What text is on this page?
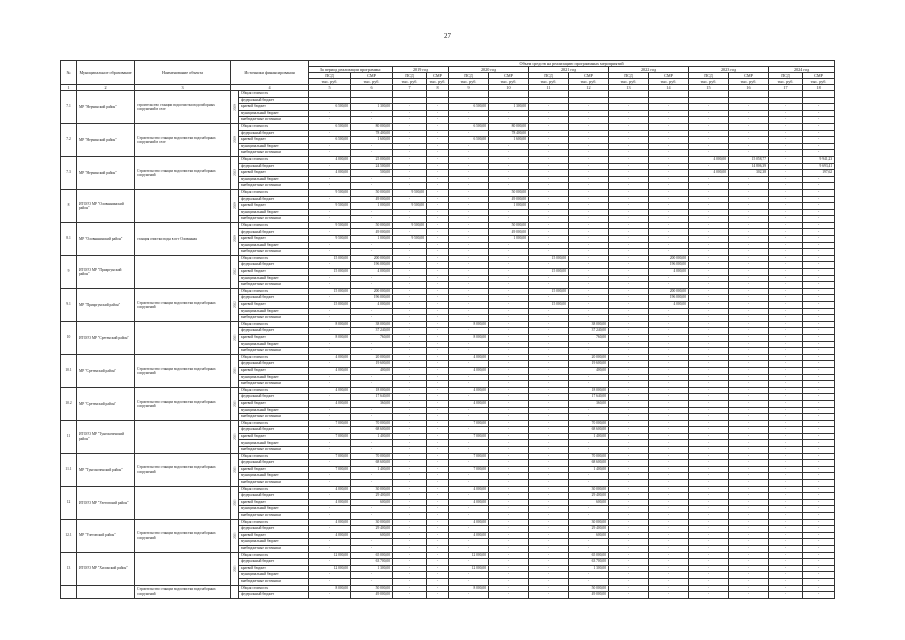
27
№	Муниципальное образование	Наименование объекта	Источники финансирования		Объем средств на реализацию программных мероприятий													
					За период реализации программы:		2019 год		2020 год		2021 год		2022 год		2023 год		2024 год	
					ПСД	СМР	ПСД	СМР	ПСД	СМР	ПСД	СМР	ПСД	СМР	ПСД	СМР	ПСД	СМР
					тыс. руб.	тыс. руб.	тыс. руб.	тыс. руб.	тыс. руб.	тыс. руб.	тыс. руб.	тыс. руб.	тыс. руб.	тыс. руб.	тыс. руб.	тыс. руб.	тыс. руб.	тыс. руб.
1	2	3	4		5	6	7	8	9	10	11	12	13	14	15	16	17	18
7.1	МР "Нерчинский район"	строительство станции водоочистки водозаборных сооружений в селе	2020	Общая стоимость														
				федеральный бюджет														
				краевой бюджет	6 500,00	1 300,00	-	-	6 500,00	1 300,00	-	-	-	-	-	-	-	-
				муниципальный бюджет	-	-	-	-	-	-	-	-	-	-	-	-	-	-
				внебюджетные источники	-	-	-	-	-	-	-	-	-	-	-	-	-	-
7.2	МР "Нерчинский район"	Строительство станции водоочистки водозаборных сооружений в селе	2020	Общая стоимость	6 500,00	80 000,00	-	-	6 500,00	80 000,00	-	-	-	-	-	-	-	-
				федеральный бюджет	-	78 400,00	-	-	-	78 400,00	-	-	-	-	-	-	-	-
				краевой бюджет	6 500,00	1 600,00	-	-	6 500,00	1 600,00	-	-	-	-	-	-	-	-
				муниципальный бюджет	-	-	-	-	-	-	-	-	-	-	-	-	-	-
				внебюджетные источники	-	-	-	-	-	-	-	-	-	-	-	-	-	-
7.3	МР "Нерчинский район"	Строительство станции водоочистки водозаборных сооружений	2023	Общая стоимость	4 000,00	25 000,00	-	-	-	-	-	-	-	-	4 000,00	15 058,77	-	9 941,23
				федеральный бюджет	-	24 500,00	-	-	-	-	-	-	-	-	-	14 806,39	-	9 693,41
				краевой бюджет	4 000,00	500,00	-	-	-	-	-	-	-	-	4 000,00	302,38	-	197,62
				муниципальный бюджет	-	-	-	-	-	-	-	-	-	-	-	-	-	-
				внебюджетные источники	-	-	-	-	-	-	-	-	-	-	-	-	-	-
8	ИТОГО МР "Оловяннинский район"		2020	Общая стоимость	9 500,00	50 000,00	9 500,00	-	-	50 000,00	-	-	-	-	-	-	-	-
				федеральный бюджет	-	49 000,00	-	-	-	49 000,00	-	-	-	-	-	-	-	-
				краевой бюджет	9 500,00	1 000,00	9 500,00	-	-	1 000,00	-	-	-	-	-	-	-	-
				муниципальный бюджет	-	-	-	-	-	-	-	-	-	-	-	-	-	-
				внебюджетные источники	-	-	-	-	-	-	-	-	-	-	-	-	-	-
8.1	МР "Оловяннинский район"	станция очистки воды в пгт Оловянная	2020	Общая стоимость	9 500,00	50 000,00	9 500,00	-	-	50 000,00	-	-	-	-	-	-	-	-
				федеральный бюджет	-	49 000,00	-	-	-	49 000,00	-	-	-	-	-	-	-	-
				краевой бюджет	9 500,00	1 000,00	9 500,00	-	-	1 000,00	-	-	-	-	-	-	-	-
				муниципальный бюджет	-	-	-	-	-	-	-	-	-	-	-	-	-	-
				внебюджетные источники	-	-	-	-	-	-	-	-	-	-	-	-	-	-
9	ИТОГО МР "Приаргунский район"		2022	Общая стоимость	15 000,00	200 000,00	-	-	-	-	15 000,00	-	-	200 000,00	-	-	-	-
				федеральный бюджет	-	196 000,00	-	-	-	-	-	-	-	196 000,00	-	-	-	-
				краевой бюджет	15 000,00	4 000,00	-	-	-	-	15 000,00	-	-	4 000,00	-	-	-	-
				муниципальный бюджет	-	-	-	-	-	-	-	-	-	-	-	-	-	-
				внебюджетные источники	-	-	-	-	-	-	-	-	-	-	-	-	-	-
9.1	МР "Приаргунский район"	Строительство станции водоочистки водозаборных сооружений	2022	Общая стоимость	15 000,00	200 000,00	-	-	-	-	15 000,00	-	-	200 000,00	-	-	-	-
				федеральный бюджет	-	196 000,00	-	-	-	-	-	-	-	196 000,00	-	-	-	-
				краевой бюджет	15 000,00	4 000,00	-	-	-	-	15 000,00	-	-	4 000,00	-	-	-	-
				муниципальный бюджет	-	-	-	-	-	-	-	-	-	-	-	-	-	-
				внебюджетные источники	-	-	-	-	-	-	-	-	-	-	-	-	-	-
10	ИТОГО МР "Сретенский район"		2021	Общая стоимость	8 000,00	38 000,00	-	-	8 000,00	-	-	38 000,00	-	-	-	-	-	-
				федеральный бюджет	-	37 240,00	-	-	-	-	-	37 240,00	-	-	-	-	-	-
				краевой бюджет	8 000,00	760,00	-	-	8 000,00	-	-	760,00	-	-	-	-	-	-
				муниципальный бюджет	-	-	-	-	-	-	-	-	-	-	-	-	-	-
				внебюджетные источники	-	-	-	-	-	-	-	-	-	-	-	-	-	-
10.1	МР "Сретенский район"	Строительство станции водоочистки водозаборных сооружений	2021	Общая стоимость	4 000,00	20 000,00	-	-	4 000,00	-	-	20 000,00	-	-	-	-	-	-
				федеральный бюджет	-	19 600,00	-	-	-	-	-	19 600,00	-	-	-	-	-	-
				краевой бюджет	4 000,00	400,00	-	-	4 000,00	-	-	400,00	-	-	-	-	-	-
				муниципальный бюджет	-	-	-	-	-	-	-	-	-	-	-	-	-	-
				внебюджетные источники	-	-	-	-	-	-	-	-	-	-	-	-	-	-
10.2	МР "Сретенский район"	Строительство станции водоочистки водозаборных сооружений	2021	Общая стоимость	4 000,00	18 000,00	-	-	4 000,00	-	-	18 000,00	-	-	-	-	-	-
				федеральный бюджет	-	17 640,00	-	-	-	-	-	17 640,00	-	-	-	-	-	-
				краевой бюджет	4 000,00	360,00	-	-	4 000,00	-	-	360,00	-	-	-	-	-	-
				муниципальный бюджет	-	-	-	-	-	-	-	-	-	-	-	-	-	-
				внебюджетные источники	-	-	-	-	-	-	-	-	-	-	-	-	-	-
11	ИТОГО МР "Тунгокоченский район"		2021	Общая стоимость	7 000,00	70 000,00	-	-	7 000,00	-	-	70 000,00	-	-	-	-	-	-
				федеральный бюджет	-	68 600,00	-	-	-	-	-	68 600,00	-	-	-	-	-	-
				краевой бюджет	7 000,00	1 400,00	-	-	7 000,00	-	-	1 400,00	-	-	-	-	-	-
				муниципальный бюджет	-	-	-	-	-	-	-	-	-	-	-	-	-	-
				внебюджетные источники	-	-	-	-	-	-	-	-	-	-	-	-	-	-
11.1	МР "Тунгокоченский район"	Строительство станции водоочистки водозаборных сооружений	2021	Общая стоимость	7 000,00	70 000,00	-	-	7 000,00	-	-	70 000,00	-	-	-	-	-	-
				федеральный бюджет	-	68 600,00	-	-	-	-	-	68 600,00	-	-	-	-	-	-
				краевой бюджет	7 000,00	1 400,00	-	-	7 000,00	-	-	1 400,00	-	-	-	-	-	-
				муниципальный бюджет	-	-	-	-	-	-	-	-	-	-	-	-	-	-
				внебюджетные источники	-	-	-	-	-	-	-	-	-	-	-	-	-	-
12	ИТОГО МР "Улетовский район"		2021	Общая стоимость	4 000,00	30 000,00	-	-	4 000,00	-	-	30 000,00	-	-	-	-	-	-
				федеральный бюджет	-	29 400,00	-	-	-	-	-	29 400,00	-	-	-	-	-	-
				краевой бюджет	4 000,00	600,00	-	-	4 000,00	-	-	600,00	-	-	-	-	-	-
				муниципальный бюджет	-	-	-	-	-	-	-	-	-	-	-	-	-	-
				внебюджетные источники	-	-	-	-	-	-	-	-	-	-	-	-	-	-
12.1	МР "Улетовский район"	Строительство станции водоочистки водозаборных сооружений	2021	Общая стоимость	4 000,00	30 000,00	-	-	4 000,00	-	-	30 000,00	-	-	-	-	-	-
				федеральный бюджет	-	29 400,00	-	-	-	-	-	29 400,00	-	-	-	-	-	-
				краевой бюджет	4 000,00	600,00	-	-	4 000,00	-	-	600,00	-	-	-	-	-	-
				муниципальный бюджет	-	-	-	-	-	-	-	-	-	-	-	-	-	-
				внебюджетные источники	-	-	-	-	-	-	-	-	-	-	-	-	-	-
13	ИТОГО МР "Хилокский район"		2021	Общая стоимость	12 000,00	65 000,00	-	-	12 000,00	-	-	65 000,00	-	-	-	-	-	-
				федеральный бюджет	-	63 700,00	-	-	-	-	-	63 700,00	-	-	-	-	-	-
				краевой бюджет	12 000,00	1 300,00	-	-	12 000,00	-	-	1 300,00	-	-	-	-	-	-
				муниципальный бюджет	-	-	-	-	-	-	-	-	-	-	-	-	-	-
				внебюджетные источники	-	-	-	-	-	-	-	-	-	-	-	-	-	-
		Строительство станции водоочистки водозаборных сооружений		Общая стоимость	8 000,00	50 000,00	-	-	8 000,00	-	-	50 000,00	-	-	-	-	-	-
				федеральный бюджет	-	49 000,00	-	-	-	-	-	49 000,00	-	-	-	-	-	-
